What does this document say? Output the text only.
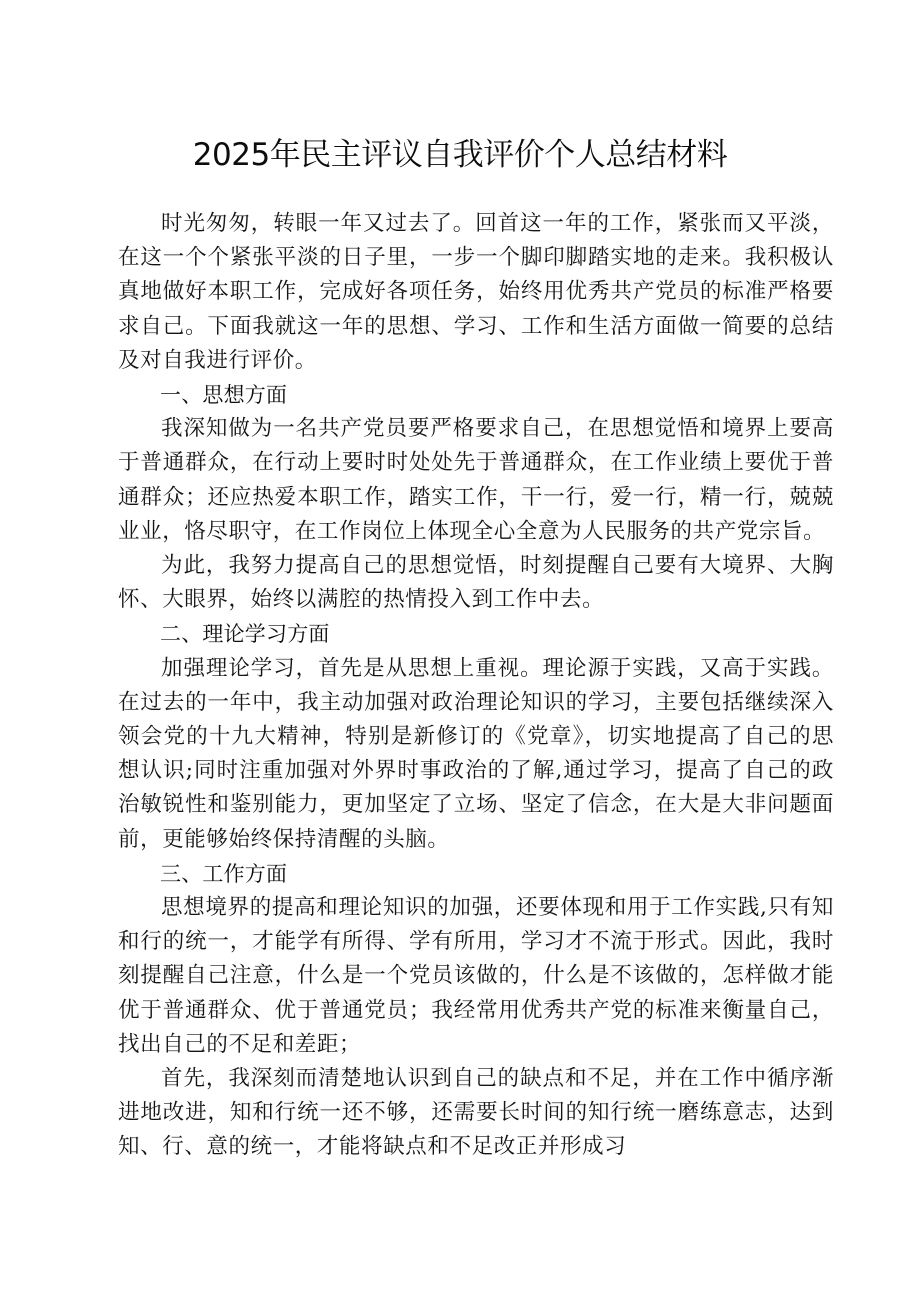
2025年民主评议自我评价个人总结材料

时光匆匆，转眼一年又过去了。回首这一年的工作，紧张而又平淡，在这一个个紧张平淡的日子里，一步一个脚印脚踏实地的走来。我积极认真地做好本职工作，完成好各项任务，始终用优秀共产党员的标准严格要求自己。下面我就这一年的思想、学习、工作和生活方面做一简要的总结及对自我进行评价。

一、思想方面

我深知做为一名共产党员要严格要求自己，在思想觉悟和境界上要高于普通群众，在行动上要时时处处先于普通群众，在工作业绩上要优于普通群众；还应热爱本职工作，踏实工作，干一行，爱一行，精一行，兢兢业业，恪尽职守，在工作岗位上体现全心全意为人民服务的共产党宗旨。

为此，我努力提高自己的思想觉悟，时刻提醒自己要有大境界、大胸怀、大眼界，始终以满腔的热情投入到工作中去。

二、理论学习方面

加强理论学习，首先是从思想上重视。理论源于实践，又高于实践。在过去的一年中，我主动加强对政治理论知识的学习，主要包括继续深入领会党的十九大精神，特别是新修订的《党章》，切实地提高了自己的思想认识;同时注重加强对外界时事政治的了解,通过学习，提高了自己的政治敏锐性和鉴别能力，更加坚定了立场、坚定了信念，在大是大非问题面前，更能够始终保持清醒的头脑。

三、工作方面

思想境界的提高和理论知识的加强，还要体现和用于工作实践,只有知和行的统一，才能学有所得、学有所用，学习才不流于形式。因此，我时刻提醒自己注意，什么是一个党员该做的，什么是不该做的，怎样做才能优于普通群众、优于普通党员；我经常用优秀共产党的标准来衡量自己，找出自己的不足和差距；

首先，我深刻而清楚地认识到自己的缺点和不足，并在工作中循序渐进地改进，知和行统一还不够，还需要长时间的知行统一磨练意志，达到知、行、意的统一，才能将缺点和不足改正并形成习
